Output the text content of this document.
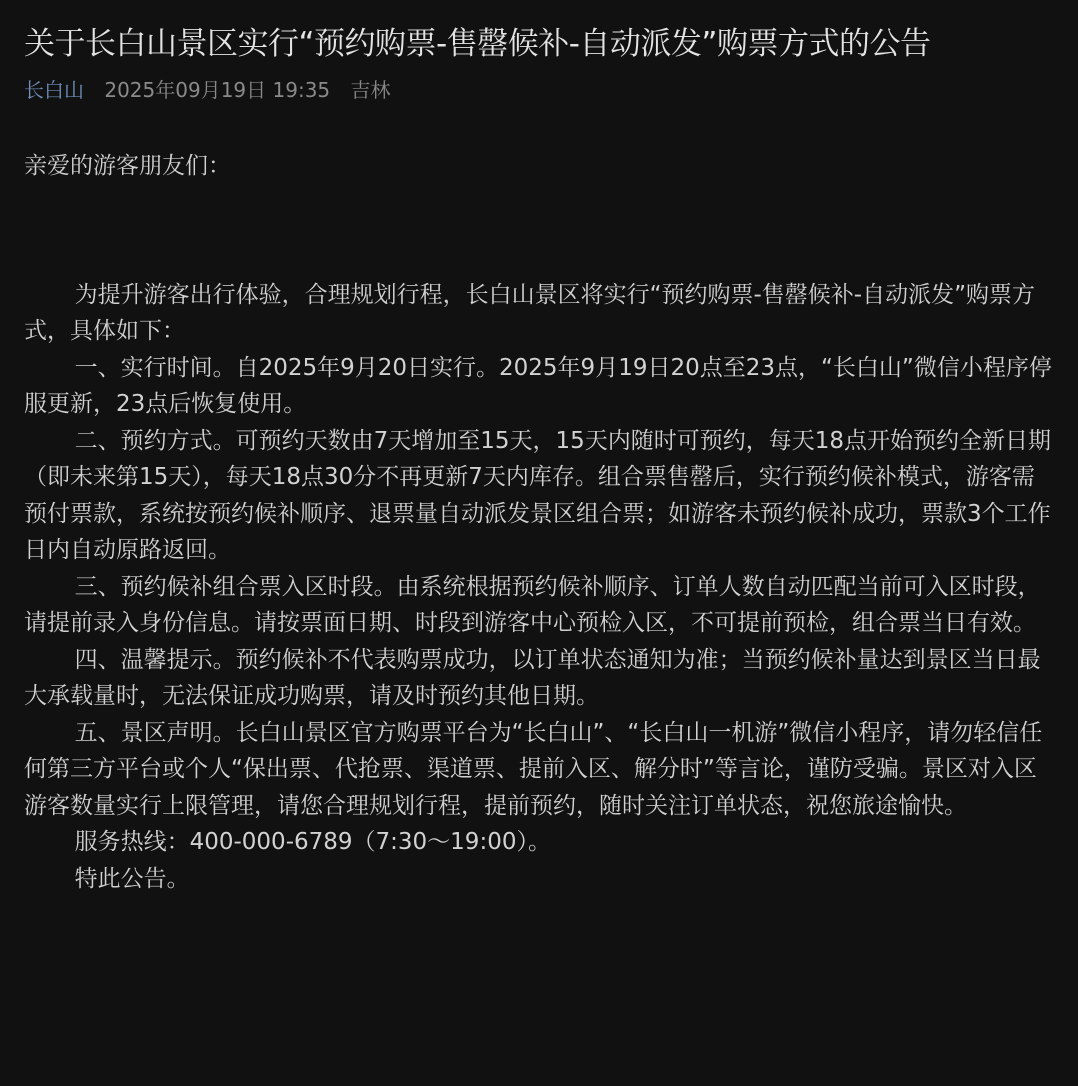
关于长白山景区实行“预约购票-售罄候补-自动派发”购票方式的公告
长白山 2025年09月19日 19:35 吉林

亲爱的游客朋友们：

为提升游客出行体验，合理规划行程，长白山景区将实行“预约购票-售罄候补-自动派发”购票方式，具体如下：

一、实行时间。自2025年9月20日实行。2025年9月19日20点至23点，“长白山”微信小程序停服更新，23点后恢复使用。

二、预约方式。可预约天数由7天增加至15天，15天内随时可预约，每天18点开始预约全新日期（即未来第15天），每天18点30分不再更新7天内库存。组合票售罄后，实行预约候补模式，游客需预付票款，系统按预约候补顺序、退票量自动派发景区组合票；如游客未预约候补成功，票款3个工作日内自动原路返回。

三、预约候补组合票入区时段。由系统根据预约候补顺序、订单人数自动匹配当前可入区时段，请提前录入身份信息。请按票面日期、时段到游客中心预检入区，不可提前预检，组合票当日有效。

四、温馨提示。预约候补不代表购票成功，以订单状态通知为准；当预约候补量达到景区当日最大承载量时，无法保证成功购票，请及时预约其他日期。

五、景区声明。长白山景区官方购票平台为“长白山”、“长白山一机游”微信小程序，请勿轻信任何第三方平台或个人“保出票、代抢票、渠道票、提前入区、解分时”等言论，谨防受骗。景区对入区游客数量实行上限管理，请您合理规划行程，提前预约，随时关注订单状态，祝您旅途愉快。

服务热线：400-000-6789（7:30～19:00）。

特此公告。
